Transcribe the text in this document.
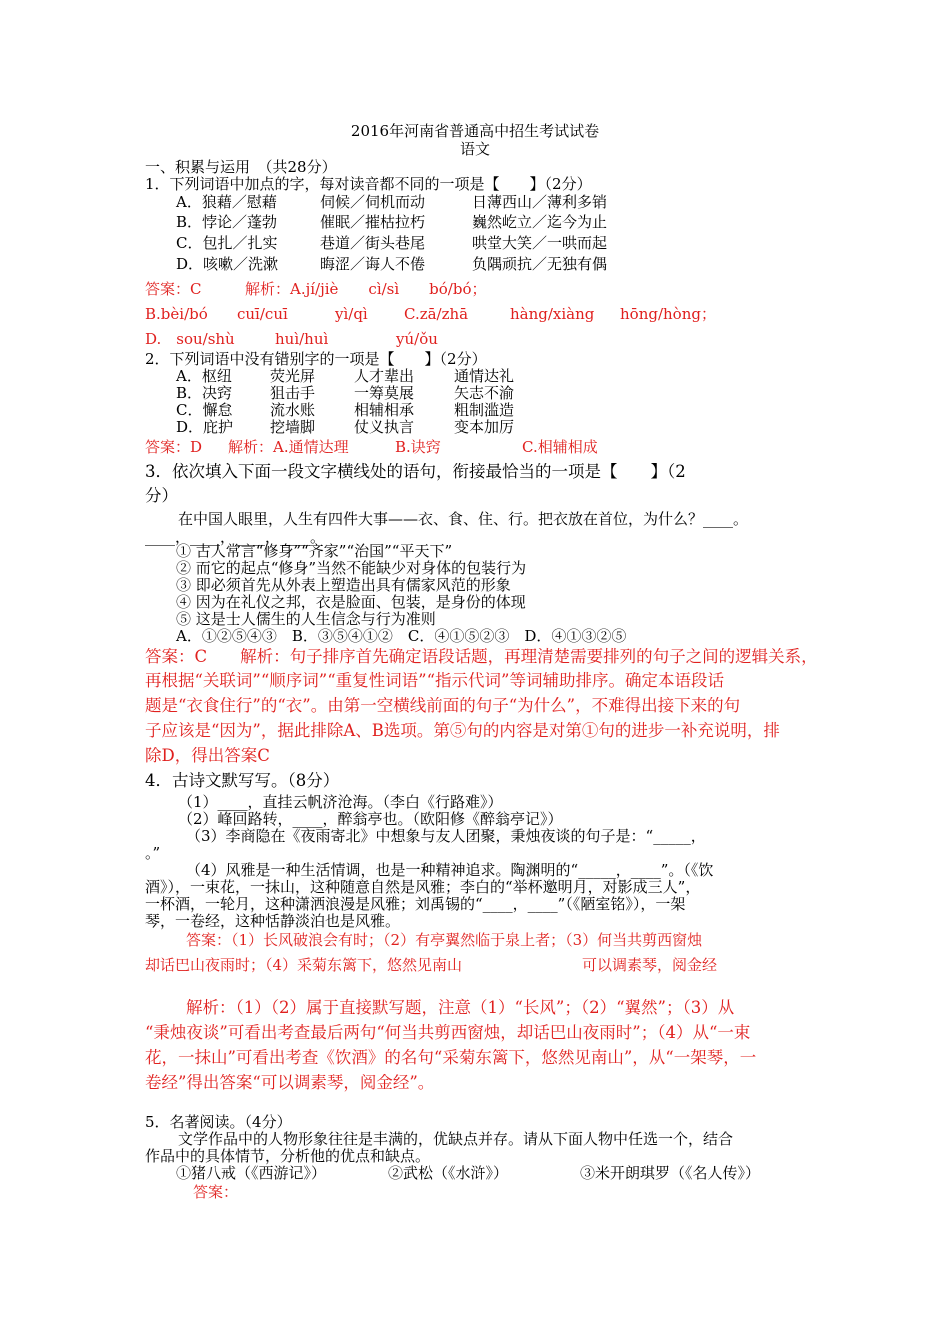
2016年河南省普通高中招生考试试卷
语文
一、积累与运用　（共28分）
1．下列词语中加点的字，每对读音都不同的一项是【　　】（2分）
A．狼藉／慰藉	伺候／伺机而动	日薄西山／薄利多销
B．悖论／蓬勃	催眠／摧枯拉朽	巍然屹立／迄今为止
C．包扎／扎实	巷道／街头巷尾	哄堂大笑／一哄而起
D．咳嗽／洗漱	晦涩／诲人不倦	负隅顽抗／无独有偶
答案：C	解析：A.jí/jiè　　cì/sì　　bó/bó；
B.bèi/bó cuī/cuī	yì/qì C.zā/zhā	hàng/xiàng hōng/hòng；
D.　sou/shù	huì/huì	yú/ǒu
2．下列词语中没有错别字的一项是【　　】（2分）
A．枢纽	荧光屏	人才辈出	通情达礼
B．决窍	狙击手	一筹莫展	矢志不渝
C．懈怠	流水账	相辅相承	粗制滥造
D．庇护 挖墙脚	仗义执言	变本加厉
答案：D 解析：A.通情达理	B.诀窍	C.相辅相成
3．依次填入下面一段文字横线处的语句，衔接最恰当的一项是【　　】（2
分）
在中国人眼里，人生有四件大事——衣、食、住、行。把衣放在首位，为什么？____。
____，____，____，____。
① 古人常言“修身”“齐家”“治国”“平天下”
② 而它的起点“修身”当然不能缺少对身体的包装行为
③ 即必须首先从外表上塑造出具有儒家风范的形象
④ 因为在礼仪之邦，衣是脸面、包装，是身份的体现
⑤ 这是士人儒生的人生信念与行为准则
A．①②⑤④③　B．③⑤④①②　C．④①⑤②③　D．④①③②⑤
答案：C　　解析：句子排序首先确定语段话题，再理清楚需要排列的句子之间的逻辑关系，
再根据“关联词”“顺序词”“重复性词语”“指示代词”等词辅助排序。确定本语段话
题是“衣食住行”的“衣”。由第一空横线前面的句子“为什么”，不难得出接下来的句
子应该是“因为”，据此排除A、B选项。第⑤句的内容是对第①句的进步一补充说明，排
除D，得出答案C
4．古诗文默写写。（8分）
（1）____，直挂云帆济沧海。（李白《行路难》）
（2）峰回路转，____，醉翁亭也。（欧阳修《醉翁亭记》）
（3）李商隐在《夜雨寄北》中想象与友人团聚，秉烛夜谈的句子是：“_____，
。”
（4）风雅是一种生活情调，也是一种精神追求。陶渊明的“_____，____”。（《饮
酒》），一束花，一抹山，这种随意自然是风雅；李白的“举杯邀明月，对影成三人”，
一杯酒，一轮月，这种潇洒浪漫是风雅；刘禹锡的“____，____”（《陋室铭》），一架
琴，一卷经，这种恬静淡泊也是风雅。
答案：（1）长风破浪会有时；（2）有亭翼然临于泉上者；（3）何当共剪西窗烛
却话巴山夜雨时；（4）采菊东篱下，悠然见南山	可以调素琴，阅金经
解析：（1）（2）属于直接默写题，注意（1）“长风”；（2）“翼然”；（3）从
“秉烛夜谈”可看出考查最后两句“何当共剪西窗烛，却话巴山夜雨时”；（4）从“一束
花，一抹山”可看出考查《饮酒》的名句“采菊东篱下，悠然见南山”，从“一架琴，一
卷经”得出答案“可以调素琴，阅金经”。
5．名著阅读。（4分）
文学作品中的人物形象往往是丰满的，优缺点并存。请从下面人物中任选一个，结合
作品中的具体情节，分析他的优点和缺点。
①猪八戒（《西游记》）	②武松（《水浒》）	③米开朗琪罗（《名人传》）
答案：
